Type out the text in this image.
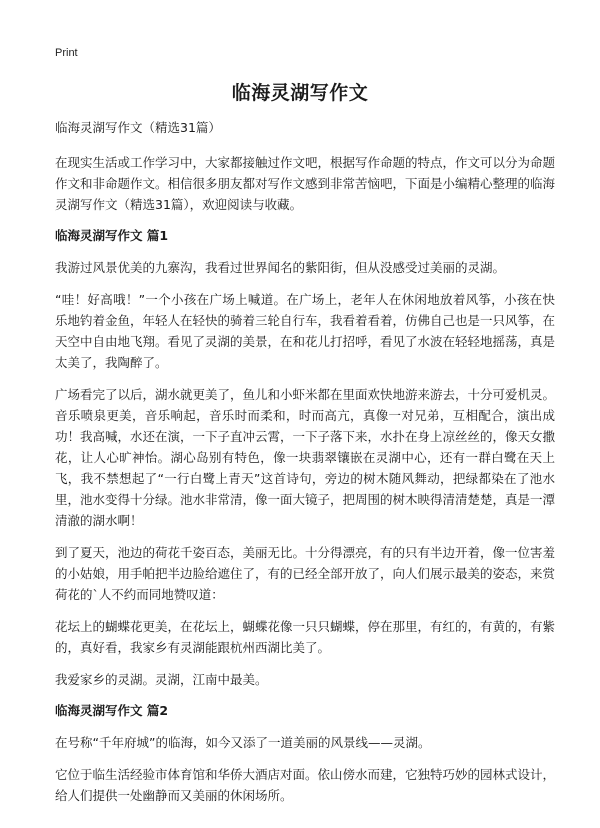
Print
临海灵湖写作文
临海灵湖写作文（精选31篇）

在现实生活或工作学习中，大家都接触过作文吧，根据写作命题的特点，作文可以分为命题作文和非命题作文。相信很多朋友都对写作文感到非常苦恼吧，下面是小编精心整理的临海灵湖写作文（精选31篇），欢迎阅读与收藏。

临海灵湖写作文 篇1

我游过风景优美的九寨沟，我看过世界闻名的紫阳街，但从没感受过美丽的灵湖。

“哇！好高哦！”一个小孩在广场上喊道。在广场上，老年人在休闲地放着风筝，小孩在快乐地钓着金鱼，年轻人在轻快的骑着三轮自行车，我看着看着，仿佛自己也是一只风筝，在天空中自由地飞翔。看见了灵湖的美景，在和花儿打招呼，看见了水波在轻轻地摇荡，真是太美了，我陶醉了。

广场看完了以后，湖水就更美了，鱼儿和小虾米都在里面欢快地游来游去，十分可爱机灵。音乐喷泉更美，音乐响起，音乐时而柔和，时而高亢，真像一对兄弟，互相配合，演出成功！我高喊，水还在演，一下子直冲云霄，一下子落下来，水扑在身上凉丝丝的，像天女撒花，让人心旷神怡。湖心岛别有特色，像一块翡翠镶嵌在灵湖中心，还有一群白鹭在天上飞，我不禁想起了“一行白鹭上青天”这首诗句，旁边的树木随风舞动，把绿都染在了池水里，池水变得十分绿。池水非常清，像一面大镜子，把周围的树木映得清清楚楚，真是一潭清澈的湖水啊！

到了夏天，池边的荷花千姿百态，美丽无比。十分得漂亮，有的只有半边开着，像一位害羞的小姑娘，用手帕把半边脸给遮住了，有的已经全部开放了，向人们展示最美的姿态，来赏荷花的`人不约而同地赞叹道：

花坛上的蝴蝶花更美，在花坛上，蝴蝶花像一只只蝴蝶，停在那里，有红的，有黄的，有紫的，真好看，我家乡有灵湖能跟杭州西湖比美了。

我爱家乡的灵湖。灵湖，江南中最美。

临海灵湖写作文 篇2

在号称“千年府城”的临海，如今又添了一道美丽的风景线——灵湖。

它位于临生活经验市体育馆和华侨大酒店对面。依山傍水而建，它独特巧妙的园林式设计，给人们提供一处幽静而又美丽的休闲场所。
